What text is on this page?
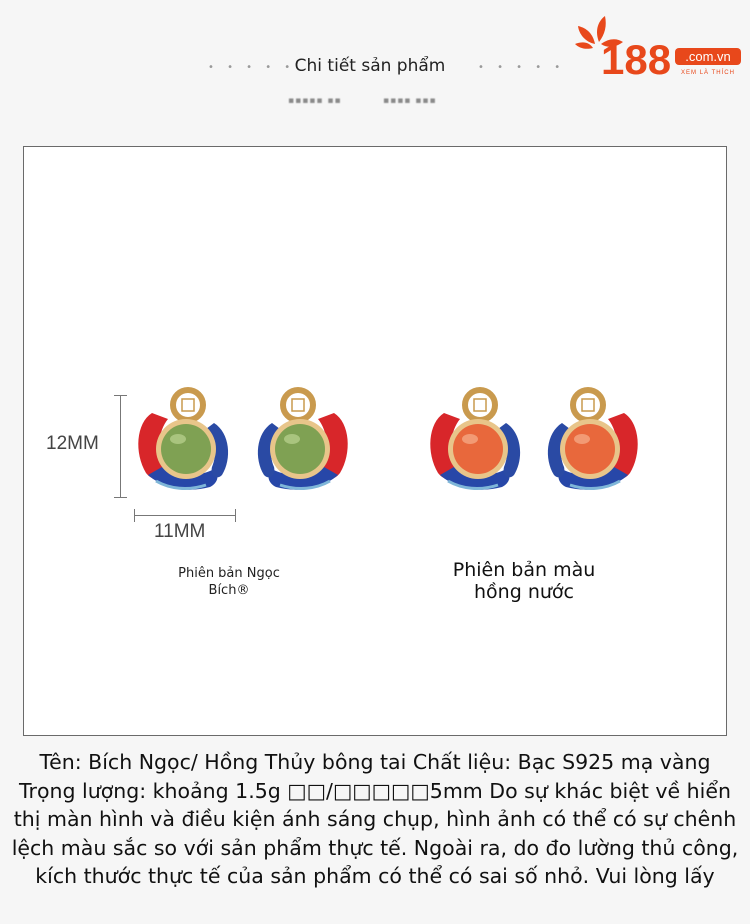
• • • • • Chi tiết sản phẩm	• • • • •
▪▪▪▪▪ ▪▪	▪▪▪▪ ▪▪▪
188 .com.vn
XEM LÀ THÍCH
12MM
11MM
Phiên bản Ngọc
Bích®
Phiên bản màu
hồng nước
Tên: Bích Ngọc/ Hồng Thủy bông tai Chất liệu: Bạc S925 mạ vàng Trọng lượng: khoảng 1.5g □□/□□□□□5mm Do sự khác biệt về hiển thị màn hình và điều kiện ánh sáng chụp, hình ảnh có thể có sự chênh lệch màu sắc so với sản phẩm thực tế. Ngoài ra, do đo lường thủ công, kích thước thực tế của sản phẩm có thể có sai số nhỏ. Vui lòng lấy
